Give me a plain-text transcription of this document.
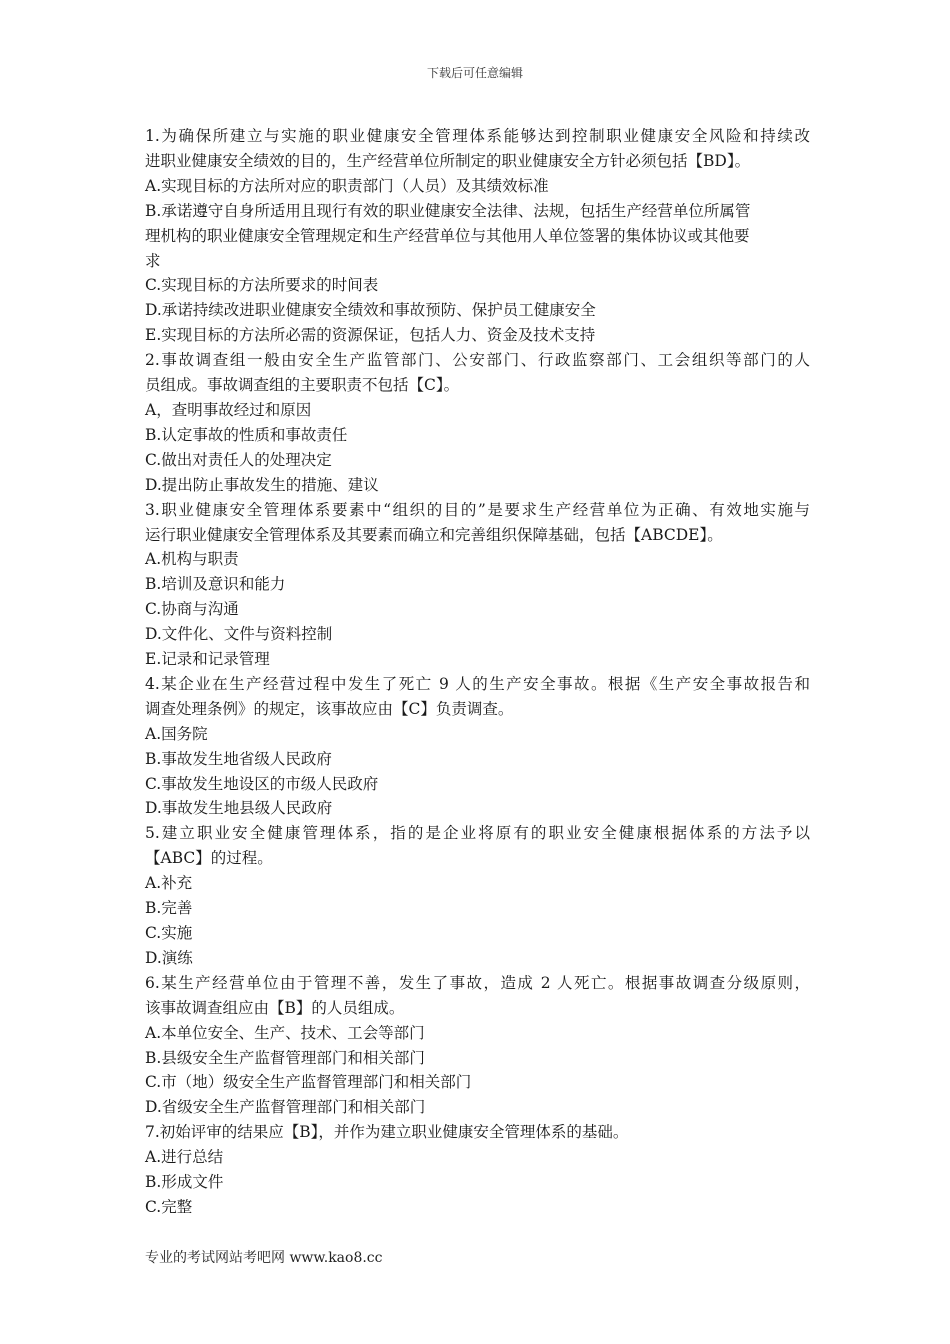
下载后可任意编辑
1.为确保所建立与实施的职业健康安全管理体系能够达到控制职业健康安全风险和持续改
进职业健康安全绩效的目的，生产经营单位所制定的职业健康安全方针必须包括【BD】。
A.实现目标的方法所对应的职责部门（人员）及其绩效标准
B.承诺遵守自身所适用且现行有效的职业健康安全法律、法规，包括生产经营单位所属管
理机构的职业健康安全管理规定和生产经营单位与其他用人单位签署的集体协议或其他要
求
C.实现目标的方法所要求的时间表
D.承诺持续改进职业健康安全绩效和事故预防、保护员工健康安全
E.实现目标的方法所必需的资源保证，包括人力、资金及技术支持
2.事故调查组一般由安全生产监管部门、公安部门、行政监察部门、工会组织等部门的人
员组成。事故调查组的主要职责不包括【C】。
A，查明事故经过和原因
B.认定事故的性质和事故责任
C.做出对责任人的处理决定
D.提出防止事故发生的措施、建议
3.职业健康安全管理体系要素中“组织的目的”是要求生产经营单位为正确、有效地实施与
运行职业健康安全管理体系及其要素而确立和完善组织保障基础，包括【ABCDE】。
A.机构与职责
B.培训及意识和能力
C.协商与沟通
D.文件化、文件与资料控制
E.记录和记录管理
4.某企业在生产经营过程中发生了死亡 9 人的生产安全事故。根据《生产安全事故报告和
调查处理条例》的规定，该事故应由【C】负责调查。
A.国务院
B.事故发生地省级人民政府
C.事故发生地设区的市级人民政府
D.事故发生地县级人民政府
5.建立职业安全健康管理体系，指的是企业将原有的职业安全健康根据体系的方法予以
【ABC】的过程。
A.补充
B.完善
C.实施
D.演练
6.某生产经营单位由于管理不善，发生了事故，造成 2 人死亡。根据事故调查分级原则，
该事故调查组应由【B】的人员组成。
A.本单位安全、生产、技术、工会等部门
B.县级安全生产监督管理部门和相关部门
C.市（地）级安全生产监督管理部门和相关部门
D.省级安全生产监督管理部门和相关部门
7.初始评审的结果应【B】，并作为建立职业健康安全管理体系的基础。
A.进行总结
B.形成文件
C.完整
专业的考试网站考吧网 www.kao8.cc
